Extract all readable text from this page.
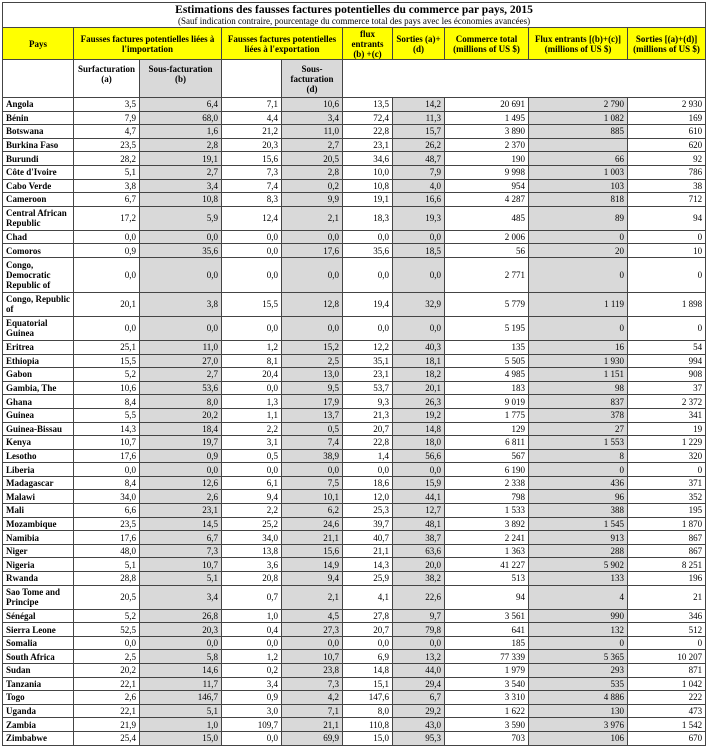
Estimations des fausses factures potentielles du commerce par pays, 2015									
(Sauf indication contraire, pourcentage du commerce total des pays avec les économies avancées)									
Pays	Fausses factures potentielles liées à l'importation		Fausses factures potentielles liées à l'exportation		flux entrants (b) +(c)	Sorties (a)+(d)	Commerce total (millions of US $)	Flux entrants [(b)+(c)] (millions of US $)	Sorties [(a)+(d)] (millions of US $)
	Surfacturation (a)	Sous-facturation (b)		Sous-facturation (d)					
Angola	3,5	6,4	7,1	10,6	13,5	14,2	20 691	2 790	2 930
Bénin	7,9	68,0	4,4	3,4	72,4	11,3	1 495	1 082	169
Botswana	4,7	1,6	21,2	11,0	22,8	15,7	3 890	885	610
Burkina Faso	23,5	2,8	20,3	2,7	23,1	26,2	2 370		620
Burundi	28,2	19,1	15,6	20,5	34,6	48,7	190	66	92
Côte d'Ivoire	5,1	2,7	7,3	2,8	10,0	7,9	9 998	1 003	786
Cabo Verde	3,8	3,4	7,4	0,2	10,8	4,0	954	103	38
Cameroon	6,7	10,8	8,3	9,9	19,1	16,6	4 287	818	712
Central African Republic	17,2	5,9	12,4	2,1	18,3	19,3	485	89	94
Chad	0,0	0,0	0,0	0,0	0,0	0,0	2 006	0	0
Comoros	0,9	35,6	0,0	17,6	35,6	18,5	56	20	10
Congo, Democratic Republic of	0,0	0,0	0,0	0,0	0,0	0,0	2 771	0	0
Congo, Republic of	20,1	3,8	15,5	12,8	19,4	32,9	5 779	1 119	1 898
Equatorial Guinea	0,0	0,0	0,0	0,0	0,0	0,0	5 195	0	0
Eritrea	25,1	11,0	1,2	15,2	12,2	40,3	135	16	54
Ethiopia	15,5	27,0	8,1	2,5	35,1	18,1	5 505	1 930	994
Gabon	5,2	2,7	20,4	13,0	23,1	18,2	4 985	1 151	908
Gambia, The	10,6	53,6	0,0	9,5	53,7	20,1	183	98	37
Ghana	8,4	8,0	1,3	17,9	9,3	26,3	9 019	837	2 372
Guinea	5,5	20,2	1,1	13,7	21,3	19,2	1 775	378	341
Guinea-Bissau	14,3	18,4	2,2	0,5	20,7	14,8	129	27	19
Kenya	10,7	19,7	3,1	7,4	22,8	18,0	6 811	1 553	1 229
Lesotho	17,6	0,9	0,5	38,9	1,4	56,6	567	8	320
Liberia	0,0	0,0	0,0	0,0	0,0	0,0	6 190	0	0
Madagascar	8,4	12,6	6,1	7,5	18,6	15,9	2 338	436	371
Malawi	34,0	2,6	9,4	10,1	12,0	44,1	798	96	352
Mali	6,6	23,1	2,2	6,2	25,3	12,7	1 533	388	195
Mozambique	23,5	14,5	25,2	24,6	39,7	48,1	3 892	1 545	1 870
Namibia	17,6	6,7	34,0	21,1	40,7	38,7	2 241	913	867
Niger	48,0	7,3	13,8	15,6	21,1	63,6	1 363	288	867
Nigeria	5,1	10,7	3,6	14,9	14,3	20,0	41 227	5 902	8 251
Rwanda	28,8	5,1	20,8	9,4	25,9	38,2	513	133	196
Sao Tome and Principe	20,5	3,4	0,7	2,1	4,1	22,6	94	4	21
Sénégal	5,2	26,8	1,0	4,5	27,8	9,7	3 561	990	346
Sierra Leone	52,5	20,3	0,4	27,3	20,7	79,8	641	132	512
Somalia	0,0	0,0	0,0	0,0	0,0	0,0	185	0	0
South Africa	2,5	5,8	1,2	10,7	6,9	13,2	77 339	5 365	10 207
Sudan	20,2	14,6	0,2	23,8	14,8	44,0	1 979	293	871
Tanzania	22,1	11,7	3,4	7,3	15,1	29,4	3 540	535	1 042
Togo	2,6	146,7	0,9	4,2	147,6	6,7	3 310	4 886	222
Uganda	22,1	5,1	3,0	7,1	8,0	29,2	1 622	130	473
Zambia	21,9	1,0	109,7	21,1	110,8	43,0	3 590	3 976	1 542
Zimbabwe	25,4	15,0	0,0	69,9	15,0	95,3	703	106	670
